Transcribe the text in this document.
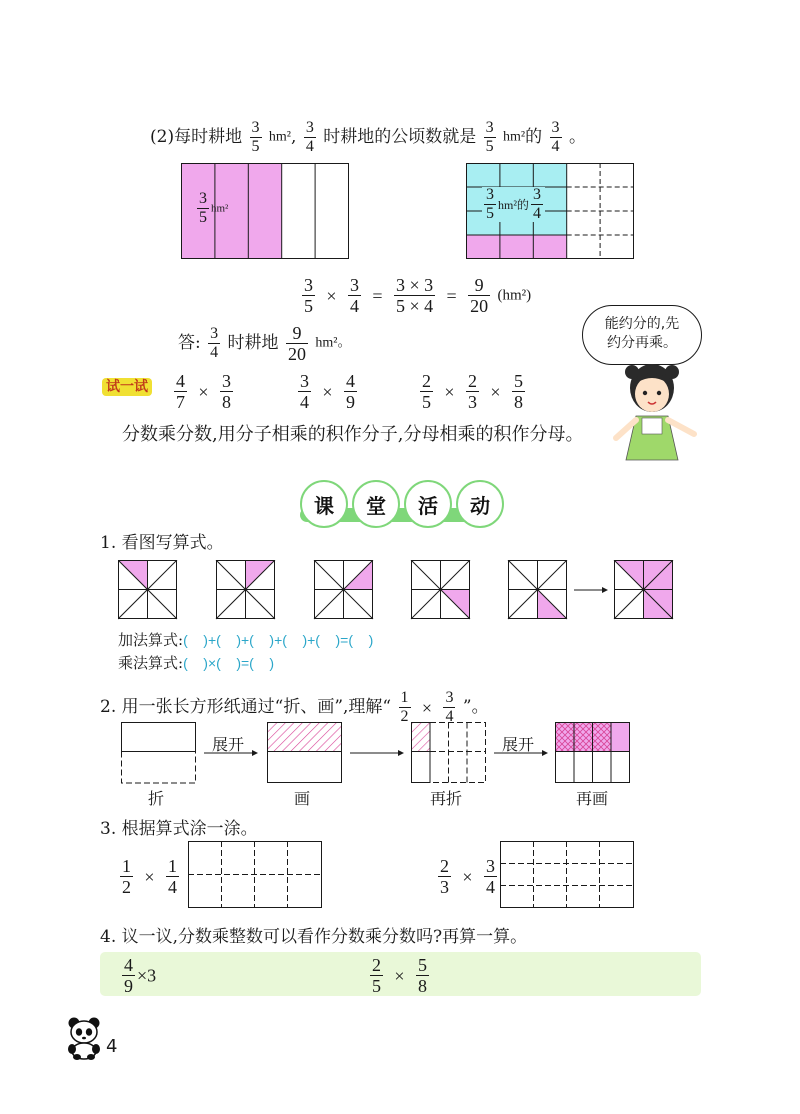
(2)每时耕地 $\frac{3}{5} hm^2$, $\frac{3}{4}$ 时耕地的公顷数就是 $\frac{3}{5} hm^2$的 $\frac{3}{4}$ 。
$\frac{3}{5} hm^2$	$\frac{3}{5} hm^2$的 $\frac{3}{4}$
$\frac{3}{5} \times \frac{3}{4} = \frac{3 \times 3}{5 \times 4} = \frac{9}{20} (hm^2)$
答: $\frac{3}{4}$ 时耕地 $\frac{9}{20} hm^2$。
能约分的,先
约分再乘。
试一试 $\frac{4}{7} \times \frac{3}{8}$	$\frac{3}{4} \times \frac{4}{9}$	$\frac{2}{5} \times \frac{2}{3} \times \frac{5}{8}$
分数乘分数,用分子相乘的积作分子,分母相乘的积作分母。
课	堂	活	动
1. 看图写算式。
加法算式:(    )+(    )+(    )+(    )+(    )=(    )
乘法算式:(    )×(    )=(    )
2. 用一张长方形纸通过“折、画”,理解“ $\frac{1}{2} \times \frac{3}{4}$ ”。
展开	展开
折	画	再折	再画
3. 根据算式涂一涂。
$\frac{1}{2} \times \frac{1}{4}$	$\frac{2}{3} \times \frac{3}{4}$
4. 议一议,分数乘整数可以看作分数乘分数吗?再算一算。
$\frac{4}{9} \times 3$	$\frac{2}{5} \times \frac{5}{8}$
4
